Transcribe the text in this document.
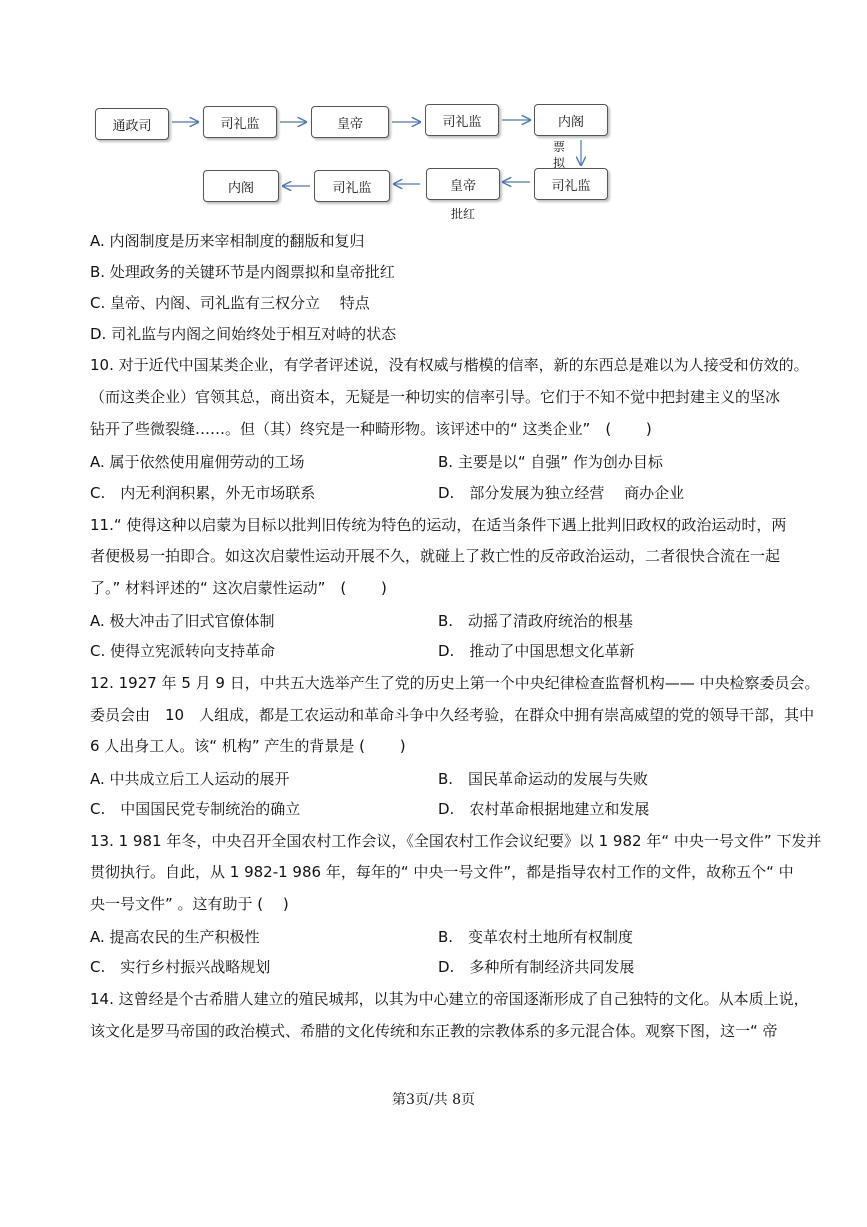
通政司	司礼监	皇帝	司礼监	内阁
内阁	司礼监	皇帝	司礼监
票
拟
批红
A. 内阁制度是历来宰相制度的翻版和复归
B. 处理政务的关键环节是内阁票拟和皇帝批红
C. 皇帝、内阁、司礼监有三权分立　 特点
D. 司礼监与内阁之间始终处于相互对峙的状态
10. 对于近代中国某类企业，有学者评述说，没有权威与楷模的信率，新的东西总是难以为人接受和仿效的。
（而这类企业）官领其总，商出资本，无疑是一种切实的信率引导。它们于不知不觉中把封建主义的坚冰
钻开了些微裂缝……。但（其）终究是一种畸形物。该评述中的“ 这类企业”　(　　 )
A. 属于依然使用雇佣劳动的工场	B. 主要是以“ 自强” 作为创办目标
C.　内无利润积累，外无市场联系	D.　部分发展为独立经营　 商办企业
11.“ 使得这种以启蒙为目标以批判旧传统为特色的运动，在适当条件下遇上批判旧政权的政治运动时，两
者便极易一拍即合。如这次启蒙性运动开展不久，就碰上了救亡性的反帝政治运动，二者很快合流在一起
了。” 材料评述的“ 这次启蒙性运动”　(　　 )
A. 极大冲击了旧式官僚体制	B.　动摇了清政府统治的根基
C. 使得立宪派转向支持革命	D.　推动了中国思想文化革新
12. 1927 年 5 月 9 日，中共五大选举产生了党的历史上第一个中央纪律检查监督机构—— 中央检察委员会。
委员会由　10　人组成，都是工农运动和革命斗争中久经考验，在群众中拥有崇高威望的党的领导干部，其中
6 人出身工人。该“ 机构” 产生的背景是 (　　 )
A. 中共成立后工人运动的展开	B.　国民革命运动的发展与失败
C.　中国国民党专制统治的确立	D.　农村革命根据地建立和发展
13. 1 981 年冬，中央召开全国农村工作会议，《全国农村工作会议纪要》以 1 982 年“ 中央一号文件” 下发并
贯彻执行。自此，从 1 982-1 986 年，每年的“ 中央一号文件”，都是指导农村工作的文件，故称五个“ 中
央一号文件” 。这有助于 (　 )
A. 提高农民的生产积极性	B.　变革农村土地所有权制度
C.　实行乡村振兴战略规划	D.　多种所有制经济共同发展
14. 这曾经是个古希腊人建立的殖民城邦，以其为中心建立的帝国逐渐形成了自己独特的文化。从本质上说，
该文化是罗马帝国的政治模式、希腊的文化传统和东正教的宗教体系的多元混合体。观察下图，这一“ 帝
第3页/共 8页
